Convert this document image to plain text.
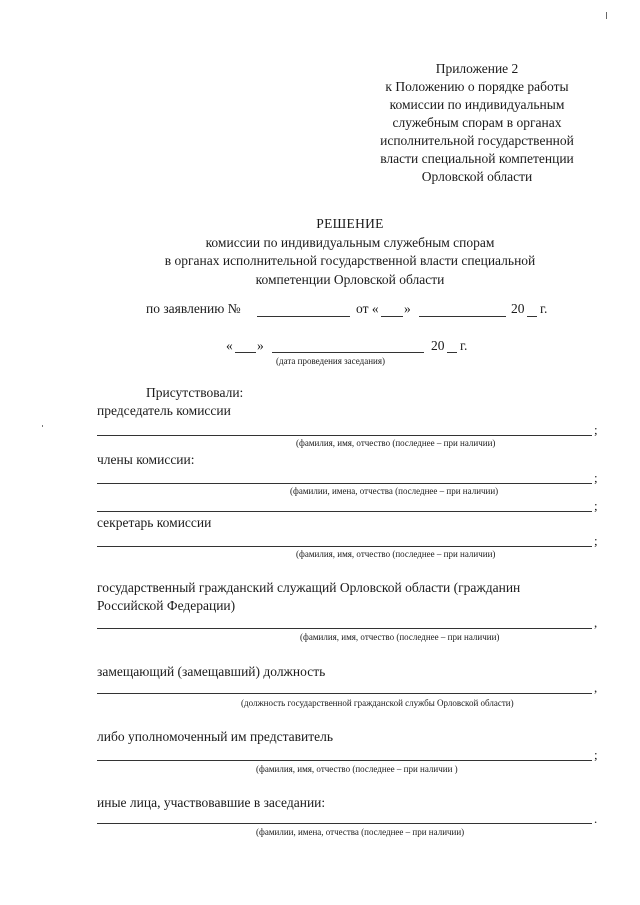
Приложение 2
к Положению о порядке работы
комиссии по индивидуальным
служебным спорам в органах
исполнительной государственной
власти специальной компетенции
Орловской области
РЕШЕНИЕ
комиссии по индивидуальным служебным спорам
в органах исполнительной государственной власти специальной
компетенции Орловской области
по заявлению №	от « »	20 г.
« »	20 г.
(дата проведения заседания)
Присутствовали:
председатель комиссии
;
(фамилия, имя, отчество (последнее – при наличии)
члены комиссии:
;
(фамилии, имена, отчества (последнее – при наличии)
;
секретарь комиссии
;
(фамилия, имя, отчество (последнее – при наличии)
государственный гражданский служащий Орловской области (гражданин
Российской Федерации)
,
(фамилия, имя, отчество (последнее – при наличии)
замещающий (замещавший) должность
,
(должность государственной гражданской службы Орловской области)
либо уполномоченный им представитель
;
(фамилия, имя, отчество (последнее – при наличии )
иные лица, участвовавшие в заседании:
.
(фамилии, имена, отчества (последнее – при наличии)
